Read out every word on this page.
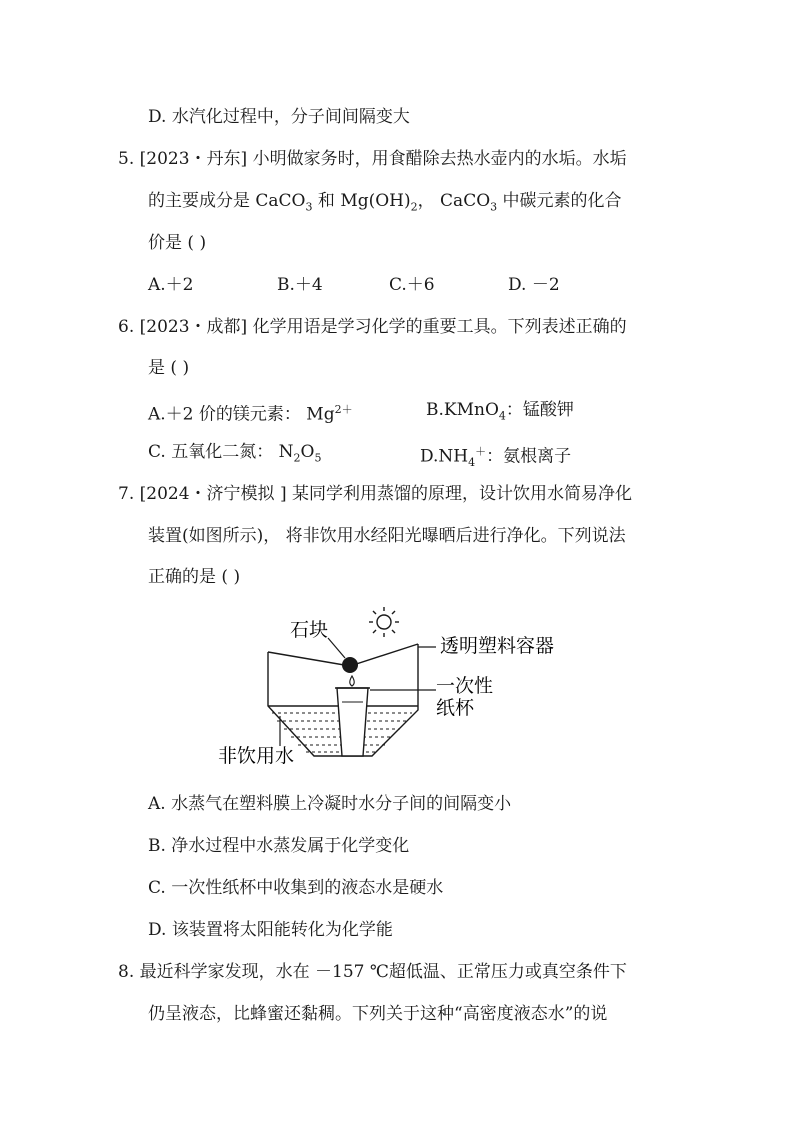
D. 水汽化过程中，分子间间隔变大
5. [2023・丹东] 小明做家务时，用食醋除去热水壶内的水垢。水垢
的主要成分是 CaCO$_3$ 和 $Mg(OH)_2$， CaCO$_3$ 中碳元素的化合
价是 ( )
A.＋2	B.＋4	C.＋6	D. －2
6. [2023・成都] 化学用语是学习化学的重要工具。下列表述正确的
是 ( )
A.＋2 价的镁元素： $Mg^{2+}$	B.KMnO$_4$：锰酸钾
C. 五氧化二氮： $N_2O_5$	$D.NH_4^+$：氨根离子
7. [2024・济宁模拟 ] 某同学利用蒸馏的原理，设计饮用水简易净化
装置(如图所示)， 将非饮用水经阳光曝晒后进行净化。下列说法
正确的是 ( )
石块
透明塑料容器
一次性
纸杯
非饮用水
A. 水蒸气在塑料膜上冷凝时水分子间的间隔变小
B. 净水过程中水蒸发属于化学变化
C. 一次性纸杯中收集到的液态水是硬水
D. 该装置将太阳能转化为化学能
8. 最近科学家发现，水在 －157 ℃超低温、正常压力或真空条件下
仍呈液态，比蜂蜜还黏稠。下列关于这种“高密度液态水”的说
